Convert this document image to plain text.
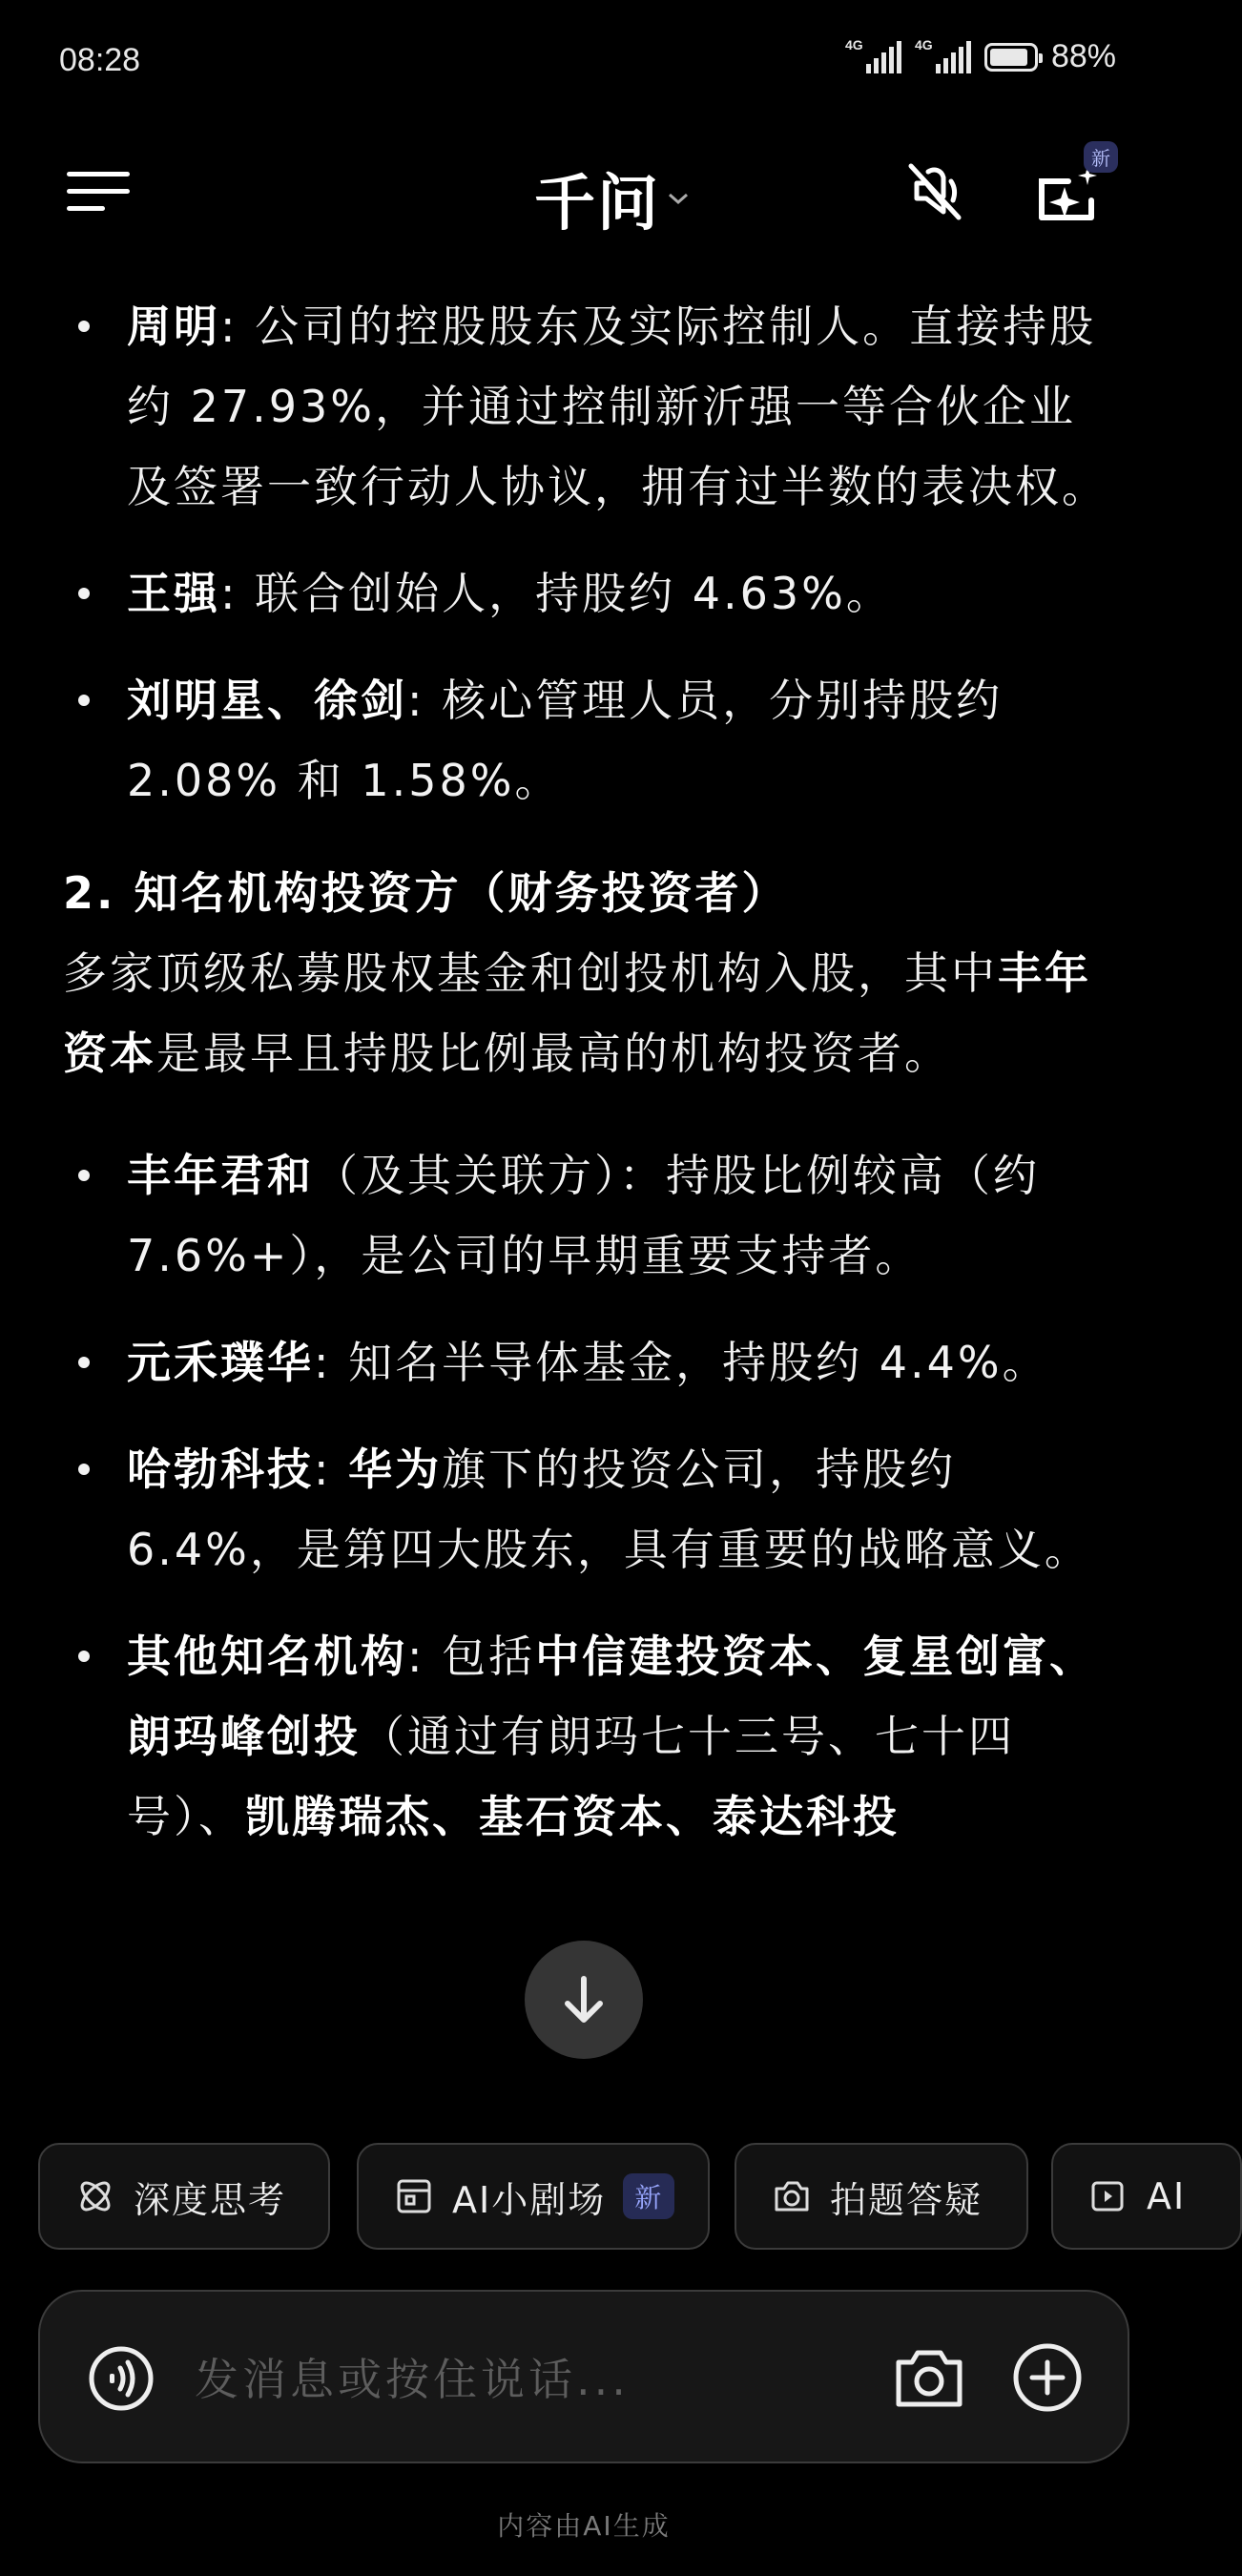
08:28	4G	4G	88%
千问
新
周明: 公司的控股股东及实际控制人。直接持股约 27.93%，并通过控制新沂强一等合伙企业及签署一致行动人协议，拥有过半数的表决权。
王强: 联合创始人，持股约 4.63%。
刘明星、徐剑: 核心管理人员，分别持股约 2.08% 和 1.58%。
2. 知名机构投资方（财务投资者）
多家顶级私募股权基金和创投机构入股，其中丰年资本是最早且持股比例最高的机构投资者。
丰年君和（及其关联方）：持股比例较高（约7.6%+），是公司的早期重要支持者。
元禾璞华: 知名半导体基金，持股约 4.4%。
哈勃科技: 华为旗下的投资公司，持股约 6.4%，是第四大股东，具有重要的战略意义。
其他知名机构: 包括中信建投资本、复星创富、朗玛峰创投（通过有朗玛七十三号、七十四号）、凯腾瑞杰、基石资本、泰达科投
深度思考	AI小剧场	新	拍题答疑	AI
发消息或按住说话...
内容由AI生成
